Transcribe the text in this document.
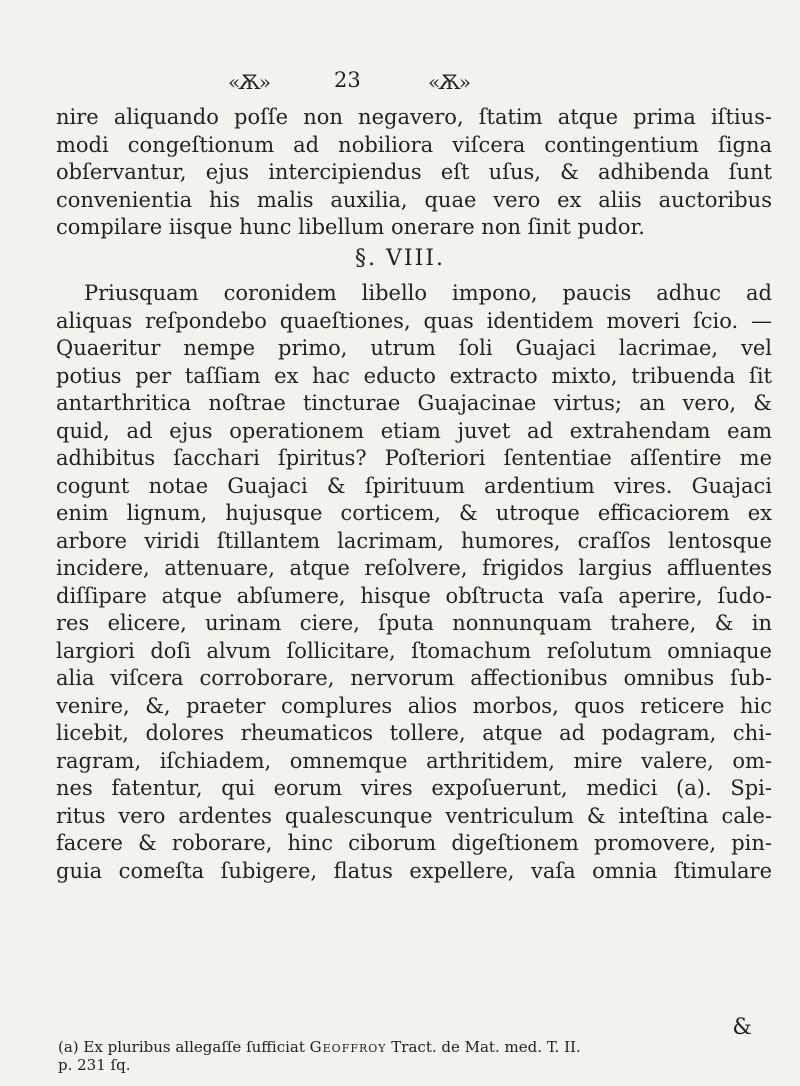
«Ѫ»	23	«Ѫ»
nire aliquando poſſe non negavero, ſtatim atque prima iſtius-
modi congeſtionum ad nobiliora viſcera contingentium ſigna
obſervantur, ejus intercipiendus eſt uſus, & adhibenda ſunt
convenientia his malis auxilia, quae vero ex aliis auctoribus
compilare iisque hunc libellum onerare non ſinit pudor.
§. VIII.
Priusquam coronidem libello impono, paucis adhuc ad
aliquas reſpondebo quaeſtiones, quas identidem moveri ſcio. —
Quaeritur nempe primo, utrum ſoli Guajaci lacrimae, vel
potius per taſſiam ex hac educto extracto mixto, tribuenda ſit
antarthritica noſtrae tincturae Guajacinae virtus; an vero, &
quid, ad ejus operationem etiam juvet ad extrahendam eam
adhibitus ſacchari ſpiritus? Poſteriori ſententiae aſſentire me
cogunt notae Guajaci & ſpirituum ardentium vires. Guajaci
enim lignum, hujusque corticem, & utroque efficaciorem ex
arbore viridi ſtillantem lacrimam, humores, craſſos lentosque
incidere, attenuare, atque reſolvere, frigidos largius affluentes
diſſipare atque abſumere, hisque obſtructa vaſa aperire, ſudo-
res elicere, urinam ciere, ſputa nonnunquam trahere, & in
largiori doſi alvum ſollicitare, ſtomachum reſolutum omniaque
alia viſcera corroborare, nervorum affectionibus omnibus ſub-
venire, &, praeter complures alios morbos, quos reticere hic
licebit, dolores rheumaticos tollere, atque ad podagram, chi-
ragram, iſchiadem, omnemque arthritidem, mire valere, om-
nes fatentur, qui eorum vires expoſuerunt, medici (a). Spi-
ritus vero ardentes qualescunque ventriculum & inteſtina cale-
facere & roborare, hinc ciborum digeſtionem promovere, pin-
guia comeſta ſubigere, flatus expellere, vaſa omnia ſtimulare
&
(a) Ex pluribus allegaſſe ſufficiat Geoffroy Tract. de Mat. med. T. II.
p. 231 ſq.
